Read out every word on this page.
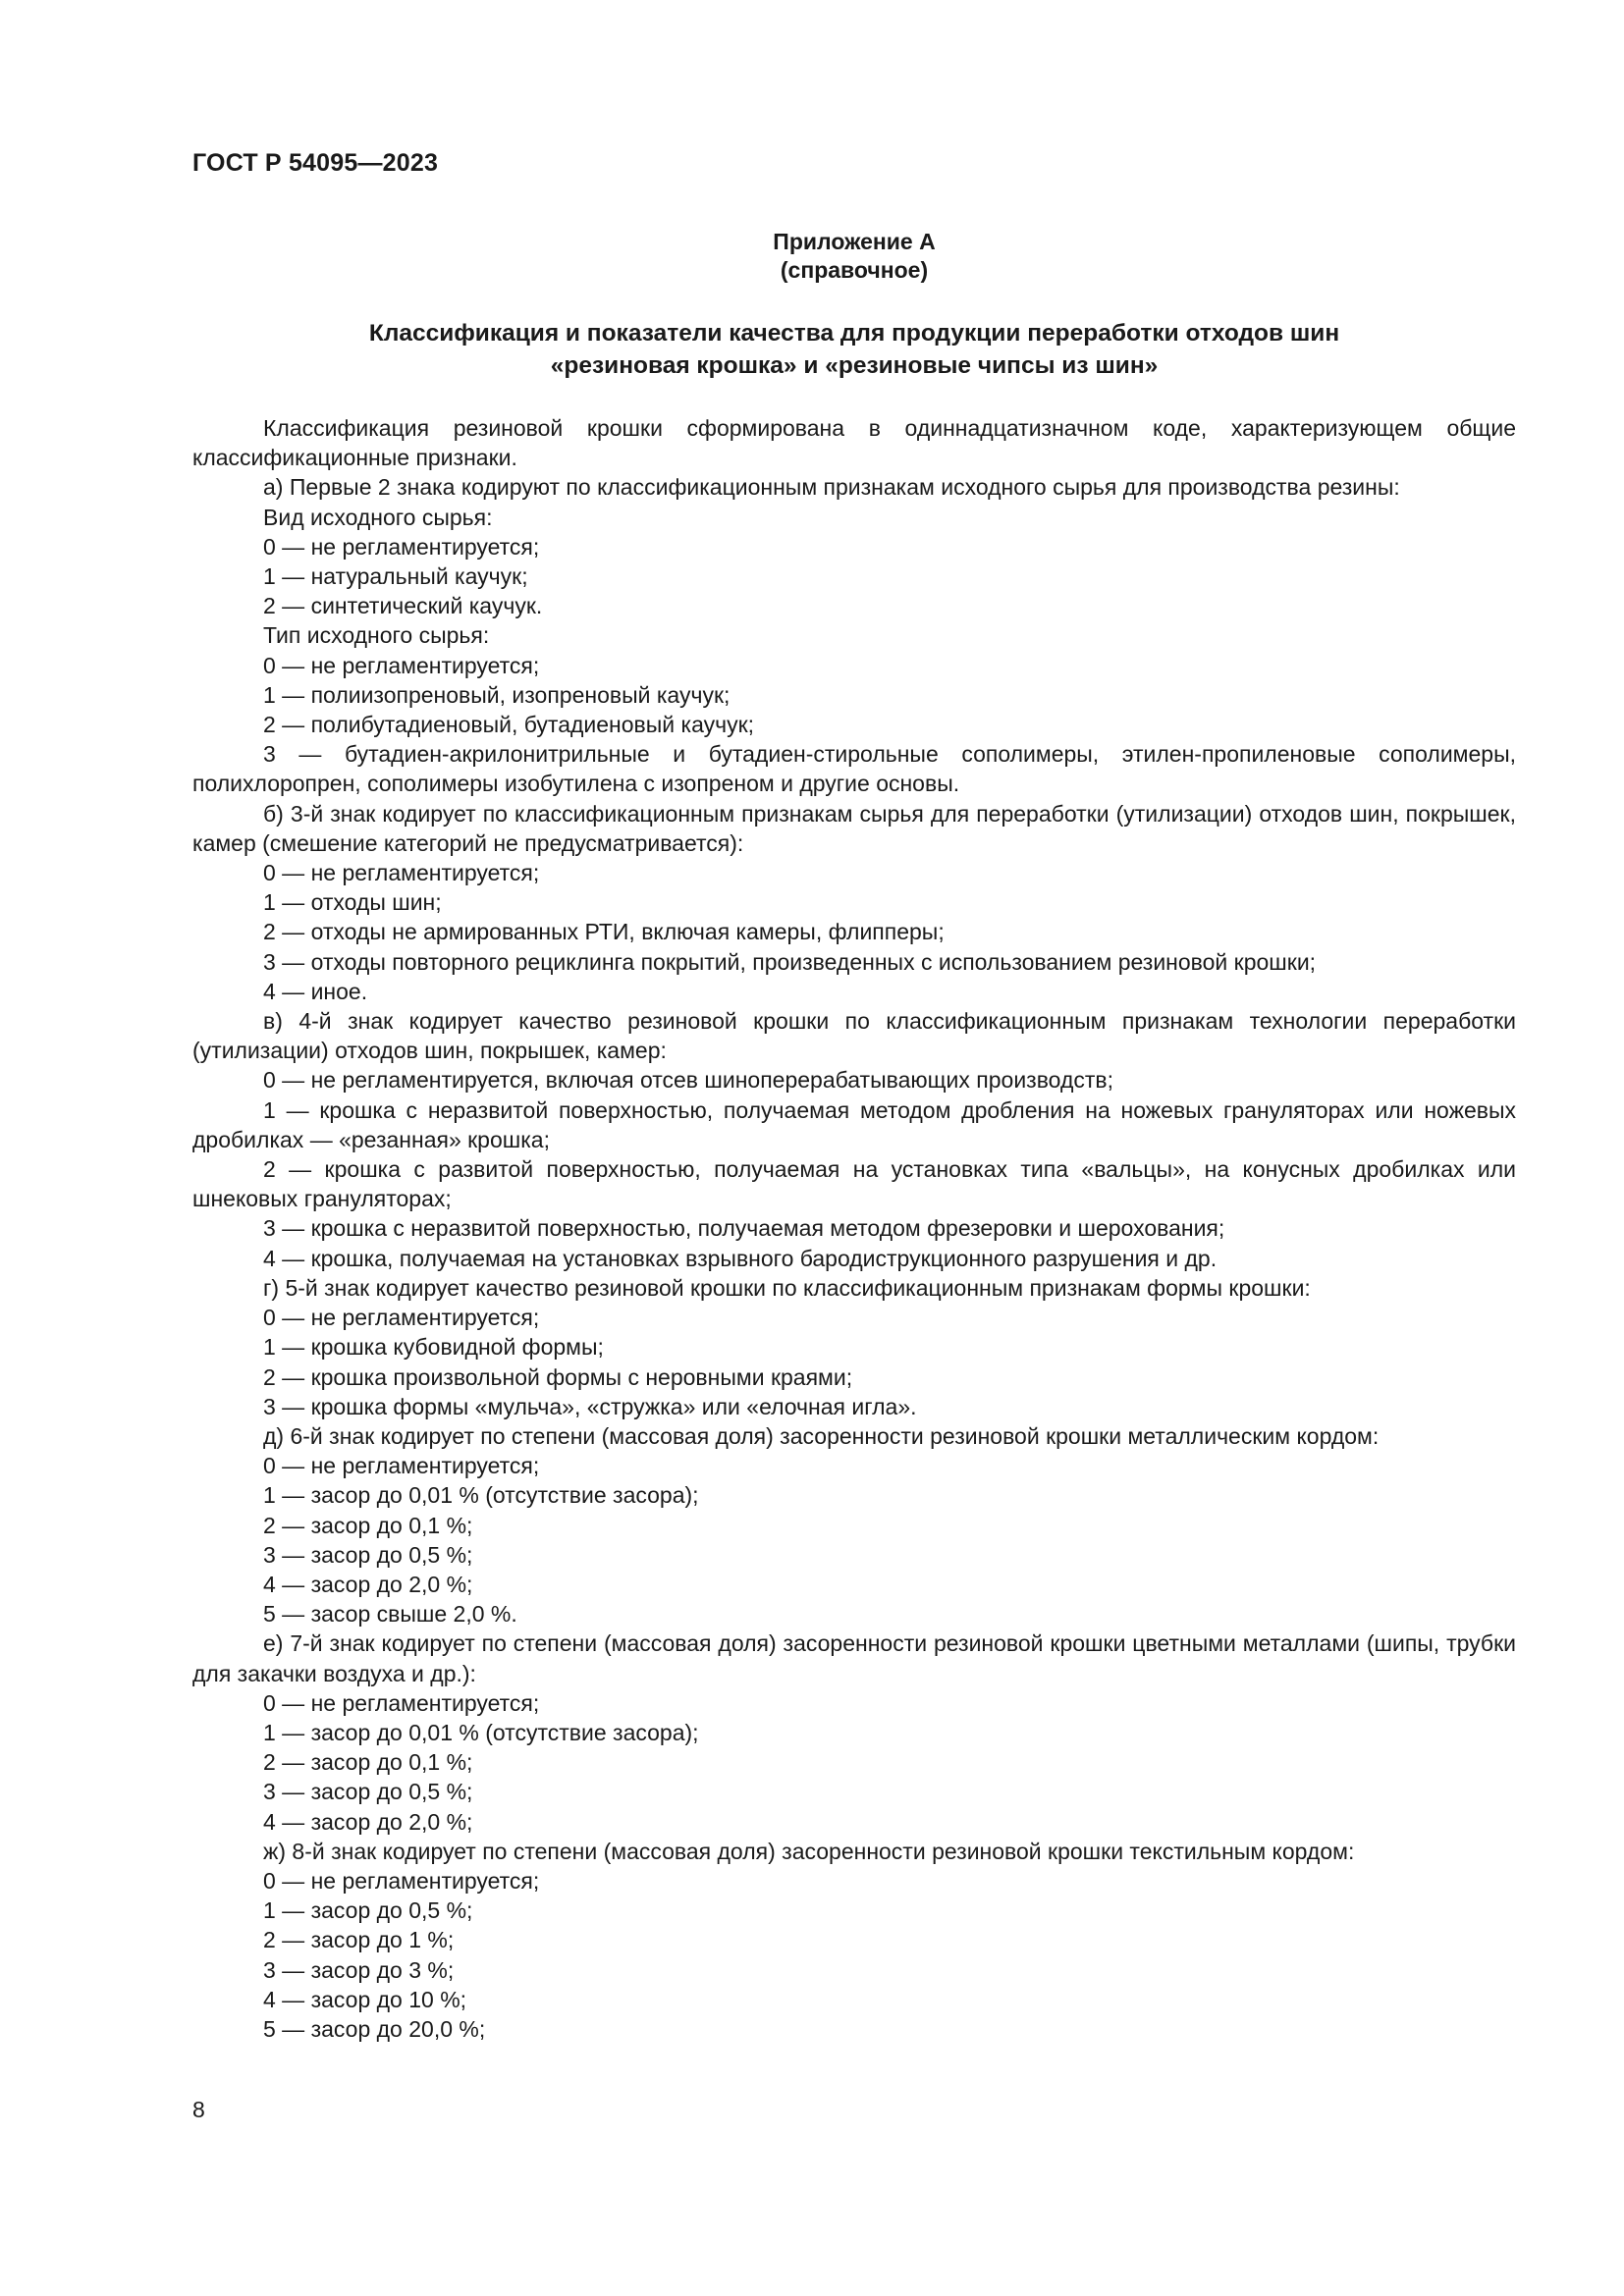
ГОСТ Р 54095—2023
Приложение А
(справочное)
Классификация и показатели качества для продукции переработки отходов шин
«резиновая крошка» и «резиновые чипсы из шин»

Классификация резиновой крошки сформирована в одиннадцатизначном коде, характеризующем общие классификационные признаки.

а) Первые 2 знака кодируют по классификационным признакам исходного сырья для производства резины:

Вид исходного сырья:

0 — не регламентируется;

1 — натуральный каучук;

2 — синтетический каучук.

Тип исходного сырья:

0 — не регламентируется;

1 — полиизопреновый, изопреновый каучук;

2 — полибутадиеновый, бутадиеновый каучук;

3 — бутадиен-акрилонитрильные и бутадиен-стирольные сополимеры, этилен-пропиленовые сополимеры, полихлоропрен, сополимеры изобутилена с изопреном и другие основы.

б) 3-й знак кодирует по классификационным признакам сырья для переработки (утилизации) отходов шин, покрышек, камер (смешение категорий не предусматривается):

0 — не регламентируется;

1 — отходы шин;

2 — отходы не армированных РТИ, включая камеры, флипперы;

3 — отходы повторного рециклинга покрытий, произведенных с использованием резиновой крошки;

4 — иное.

в) 4-й знак кодирует качество резиновой крошки по классификационным признакам технологии переработки (утилизации) отходов шин, покрышек, камер:

0 — не регламентируется, включая отсев шиноперерабатывающих производств;

1 — крошка с неразвитой поверхностью, получаемая методом дробления на ножевых грануляторах или ножевых дробилках — «резанная» крошка;

2 — крошка с развитой поверхностью, получаемая на установках типа «вальцы», на конусных дробилках или шнековых грануляторах;

3 — крошка с неразвитой поверхностью, получаемая методом фрезеровки и шерохования;

4 — крошка, получаемая на установках взрывного бародиструкционного разрушения и др.

г) 5-й знак кодирует качество резиновой крошки по классификационным признакам формы крошки:

0 — не регламентируется;

1 — крошка кубовидной формы;

2 — крошка произвольной формы с неровными краями;

3 — крошка формы «мульча», «стружка» или «елочная игла».

д) 6-й знак кодирует по степени (массовая доля) засоренности резиновой крошки металлическим кордом:

0 — не регламентируется;

1 — засор до 0,01 % (отсутствие засора);

2 — засор до 0,1 %;

3 — засор до 0,5 %;

4 — засор до 2,0 %;

5 — засор свыше 2,0 %.

е) 7-й знак кодирует по степени (массовая доля) засоренности резиновой крошки цветными металлами (шипы, трубки для закачки воздуха и др.):

0 — не регламентируется;

1 — засор до 0,01 % (отсутствие засора);

2 — засор до 0,1 %;

3 — засор до 0,5 %;

4 — засор до 2,0 %;

ж) 8-й знак кодирует по степени (массовая доля) засоренности резиновой крошки текстильным кордом:

0 — не регламентируется;

1 — засор до 0,5 %;

2 — засор до 1 %;

3 — засор до 3 %;

4 — засор до 10 %;

5 — засор до 20,0 %;

8
